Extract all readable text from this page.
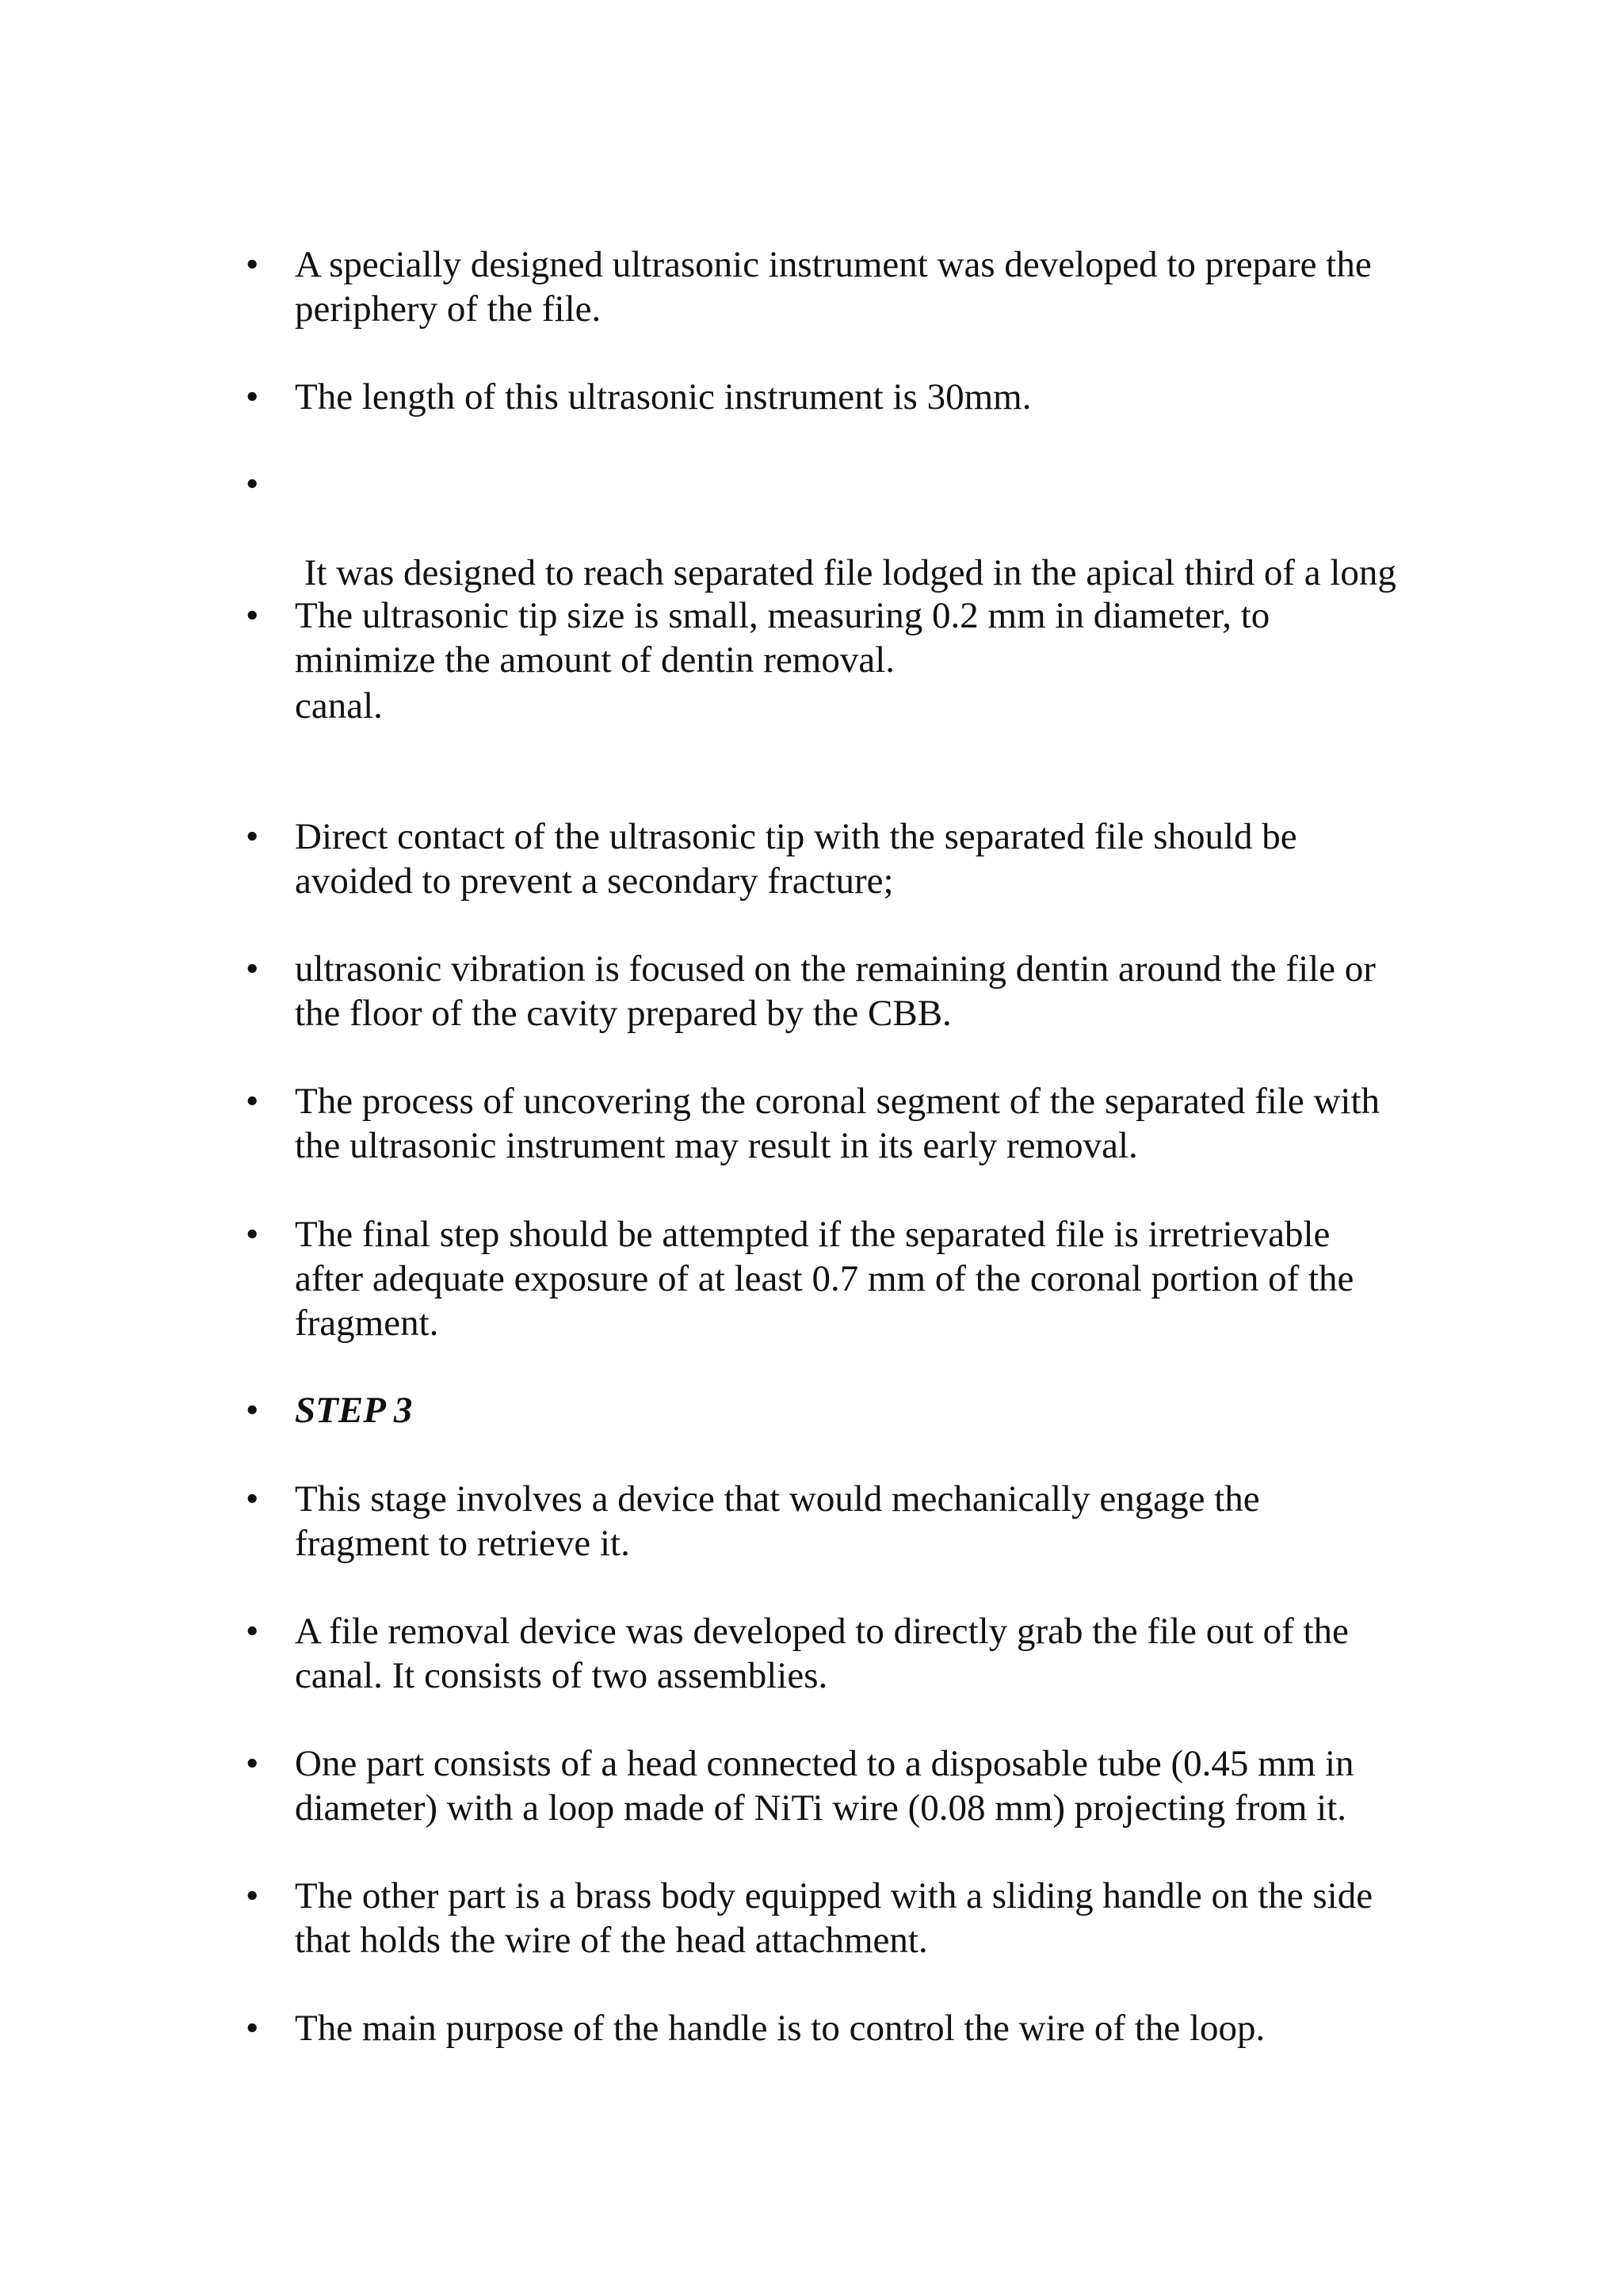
• A specially designed ultrasonic instrument was developed to prepare the
periphery of the file.
• The length of this ultrasonic instrument is 30mm.
•

It was designed to reach separated file lodged in the apical third of a long

canal.

• The ultrasonic tip size is small, measuring 0.2 mm in diameter, to
minimize the amount of dentin removal.
• Direct contact of the ultrasonic tip with the separated file should be
avoided to prevent a secondary fracture;
• ultrasonic vibration is focused on the remaining dentin around the file or
the floor of the cavity prepared by the CBB.
• The process of uncovering the coronal segment of the separated file with
the ultrasonic instrument may result in its early removal.
• The final step should be attempted if the separated file is irretrievable
after adequate exposure of at least 0.7 mm of the coronal portion of the
fragment.
• STEP 3
• This stage involves a device that would mechanically engage the
fragment to retrieve it.
• A file removal device was developed to directly grab the file out of the
canal. It consists of two assemblies.
• One part consists of a head connected to a disposable tube (0.45 mm in
diameter) with a loop made of NiTi wire (0.08 mm) projecting from it.
• The other part is a brass body equipped with a sliding handle on the side
that holds the wire of the head attachment.
• The main purpose of the handle is to control the wire of the loop.
